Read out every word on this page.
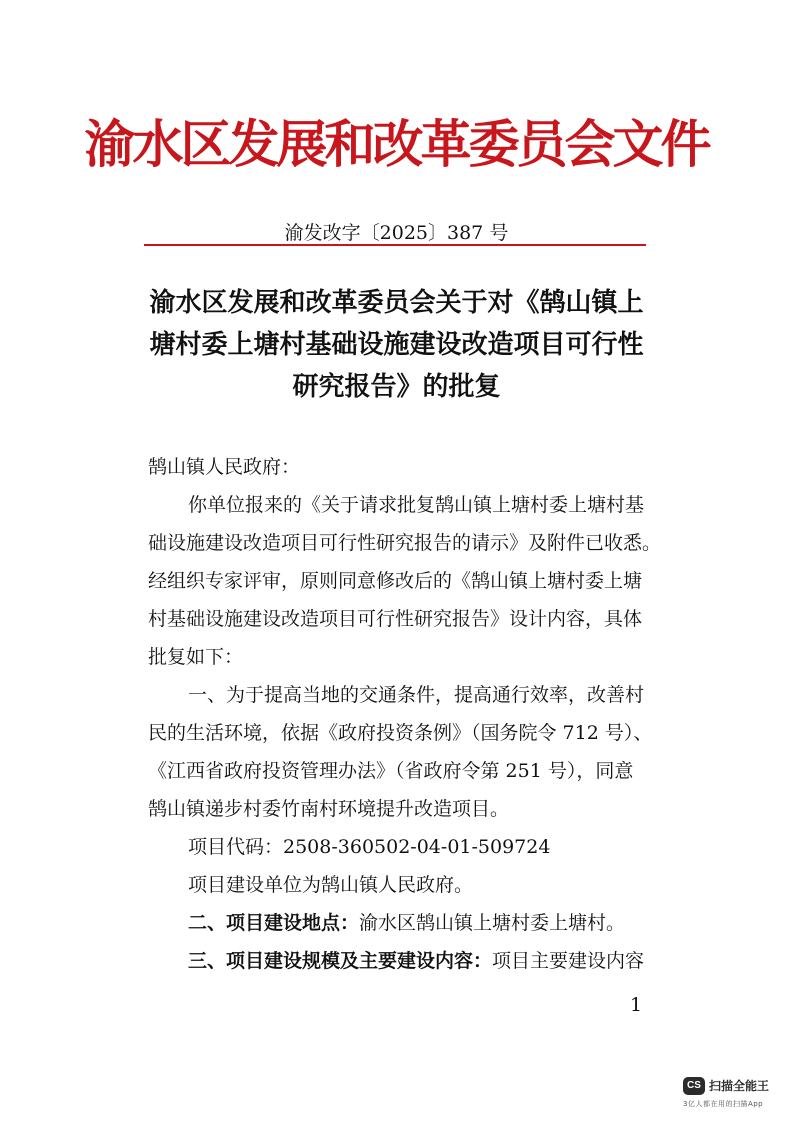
渝水区发展和改革委员会文件
渝发改字〔2025〕387 号
渝水区发展和改革委员会关于对《鹄山镇上
塘村委上塘村基础设施建设改造项目可行性
研究报告》的批复
鹄山镇人民政府：
你单位报来的《关于请求批复鹄山镇上塘村委上塘村基
础设施建设改造项目可行性研究报告的请示》及附件已收悉。
经组织专家评审，原则同意修改后的《鹄山镇上塘村委上塘
村基础设施建设改造项目可行性研究报告》设计内容，具体
批复如下：
一、为于提高当地的交通条件，提高通行效率，改善村
民的生活环境，依据《政府投资条例》（国务院令 712 号）、
《江西省政府投资管理办法》（省政府令第 251 号），同意
鹄山镇递步村委竹南村环境提升改造项目。
项目代码：2508-360502-04-01-509724
项目建设单位为鹄山镇人民政府。
二、项目建设地点：渝水区鹄山镇上塘村委上塘村。
三、项目建设规模及主要建设内容：项目主要建设内容
1
CS 扫描全能王
3亿人都在用的扫描App
